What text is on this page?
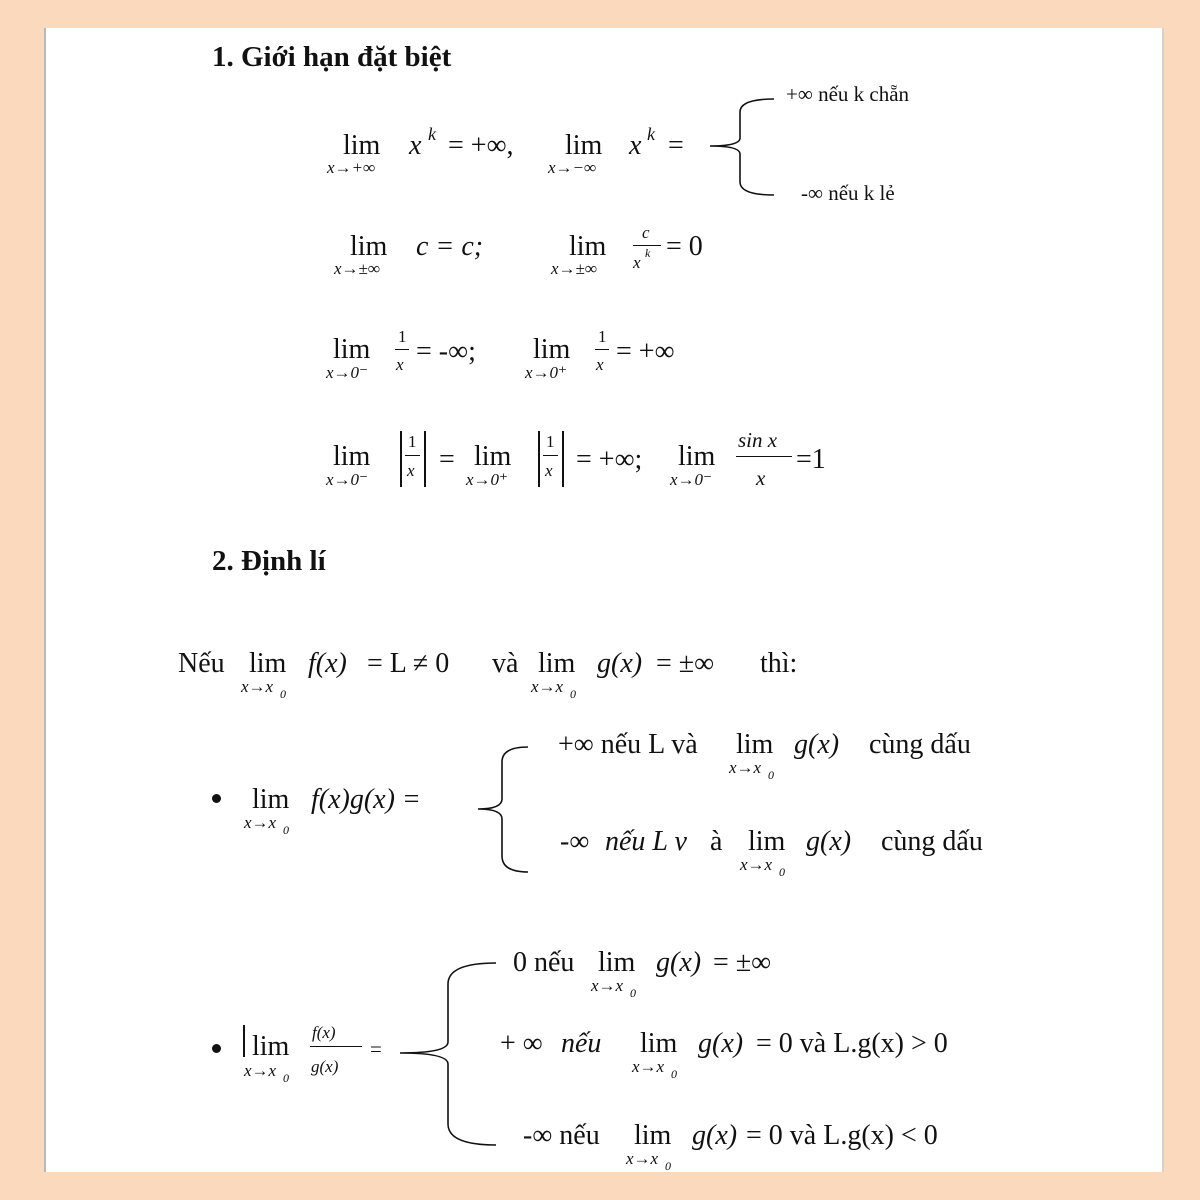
1. Giới hạn đặt biệt
lim
x→+∞
x k = +∞, lim
x→−∞
x k =
+∞ nếu k chẵn
-∞ nếu k lẻ
lim
x→±∞
c = c;	lim
x→±∞
c
x k = 0
lim
x→0⁻
1
x = -∞; lim
x→0⁺
1
x = +∞
lim
x→0⁻
1
x = lim
x→0⁺
1
x = +∞; lim
x→0⁻
sin x
x
=1
2. Định lí
Nếu lim
x→x 0
f(x) = L ≠ 0 và lim
x→x 0
g(x) = ±∞ thì:
lim
x→x 0
f(x)g(x) =
+∞ nếu L và lim
x→x 0
g(x) cùng dấu
-∞ nếu L v à lim
x→x 0
g(x) cùng dấu
lim
x→x 0
f(x)
g(x)
=
0 nếu lim
x→x 0
g(x) = ±∞
+ ∞ nếu lim
x→x 0
g(x) = 0 và L.g(x) > 0
-∞ nếu lim
x→x 0
g(x) = 0 và L.g(x) < 0
